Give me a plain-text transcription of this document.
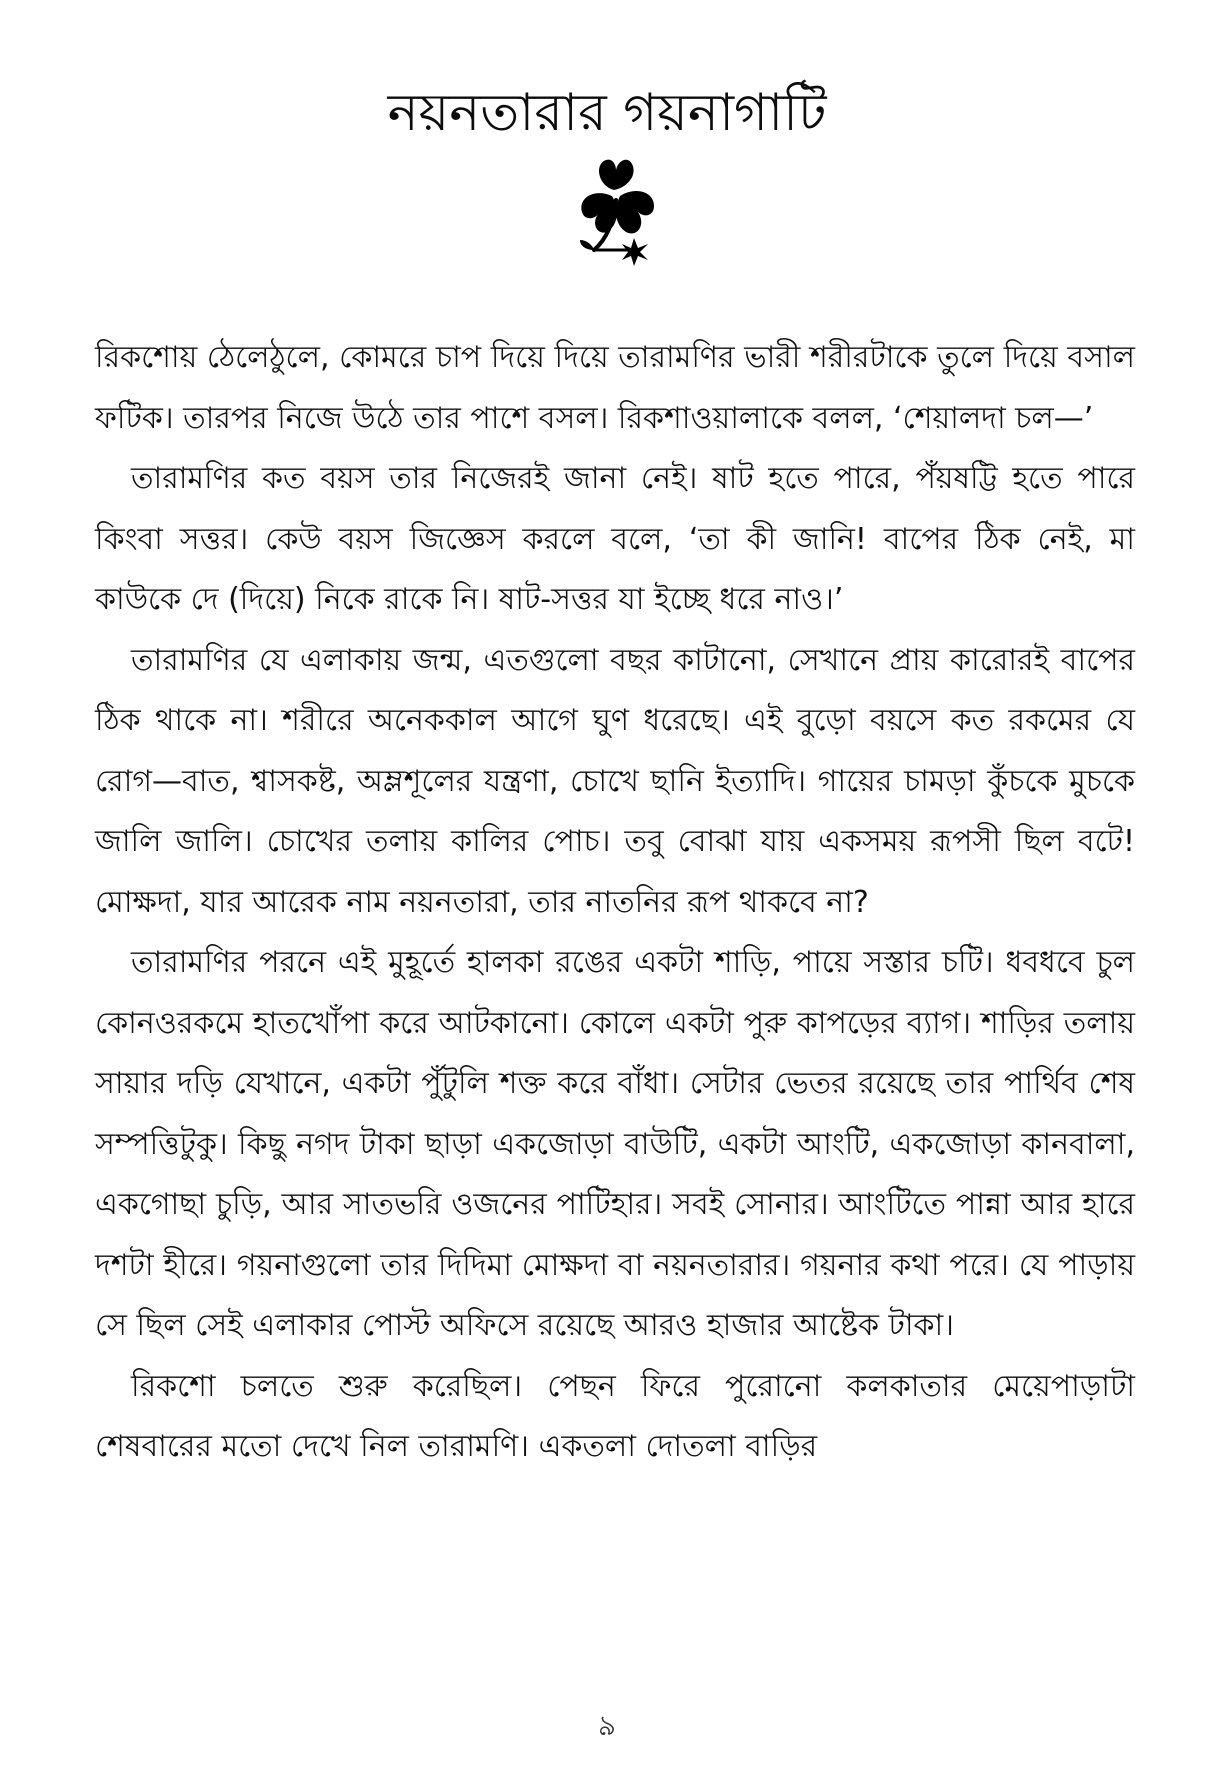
নয়নতারার গয়নাগাটি

রিকশোয় ঠেলেঠুলে, কোমরে চাপ দিয়ে দিয়ে তারামণির ভারী শরীরটাকে তুলে দিয়ে বসাল ফটিক। তারপর নিজে উঠে তার পাশে বসল। রিকশাওয়ালাকে বলল, ‘শেয়ালদা চল—’

তারামণির কত বয়স তার নিজেরই জানা নেই। ষাট হতে পারে, পঁয়ষট্টি হতে পারে কিংবা সত্তর। কেউ বয়স জিজ্ঞেস করলে বলে, ‘তা কী জানি! বাপের ঠিক নেই, মা কাউকে দে (দিয়ে) নিকে রাকে নি। ষাট-সত্তর যা ইচ্ছে ধরে নাও।’

তারামণির যে এলাকায় জন্ম, এতগুলো বছর কাটানো, সেখানে প্রায় কারোরই বাপের ঠিক থাকে না। শরীরে অনেককাল আগে ঘুণ ধরেছে। এই বুড়ো বয়সে কত রকমের যে রোগ—বাত, শ্বাসকষ্ট, অম্লশূলের যন্ত্রণা, চোখে ছানি ইত্যাদি। গায়ের চামড়া কুঁচকে মুচকে জালি জালি। চোখের তলায় কালির পোচ। তবু বোঝা যায় একসময় রূপসী ছিল বটে! মোক্ষদা, যার আরেক নাম নয়নতারা, তার নাতনির রূপ থাকবে না?

তারামণির পরনে এই মুহূর্তে হালকা রঙের একটা শাড়ি, পায়ে সস্তার চটি। ধবধবে চুল কোনওরকমে হাতখোঁপা করে আটকানো। কোলে একটা পুরু কাপড়ের ব্যাগ। শাড়ির তলায় সায়ার দড়ি যেখানে, একটা পুঁটুলি শক্ত করে বাঁধা। সেটার ভেতর রয়েছে তার পার্থিব শেষ সম্পত্তিটুকু। কিছু নগদ টাকা ছাড়া একজোড়া বাউটি, একটা আংটি, একজোড়া কানবালা, একগোছা চুড়ি, আর সাতভরি ওজনের পাটিহার। সবই সোনার। আংটিতে পান্না আর হারে দশটা হীরে। গয়নাগুলো তার দিদিমা মোক্ষদা বা নয়নতারার। গয়নার কথা পরে। যে পাড়ায় সে ছিল সেই এলাকার পোস্ট অফিসে রয়েছে আরও হাজার আষ্টেক টাকা।

রিকশো চলতে শুরু করেছিল। পেছন ফিরে পুরোনো কলকাতার মেয়েপাড়াটা শেষবারের মতো দেখে নিল তারামণি। একতলা দোতলা বাড়ির

৯
